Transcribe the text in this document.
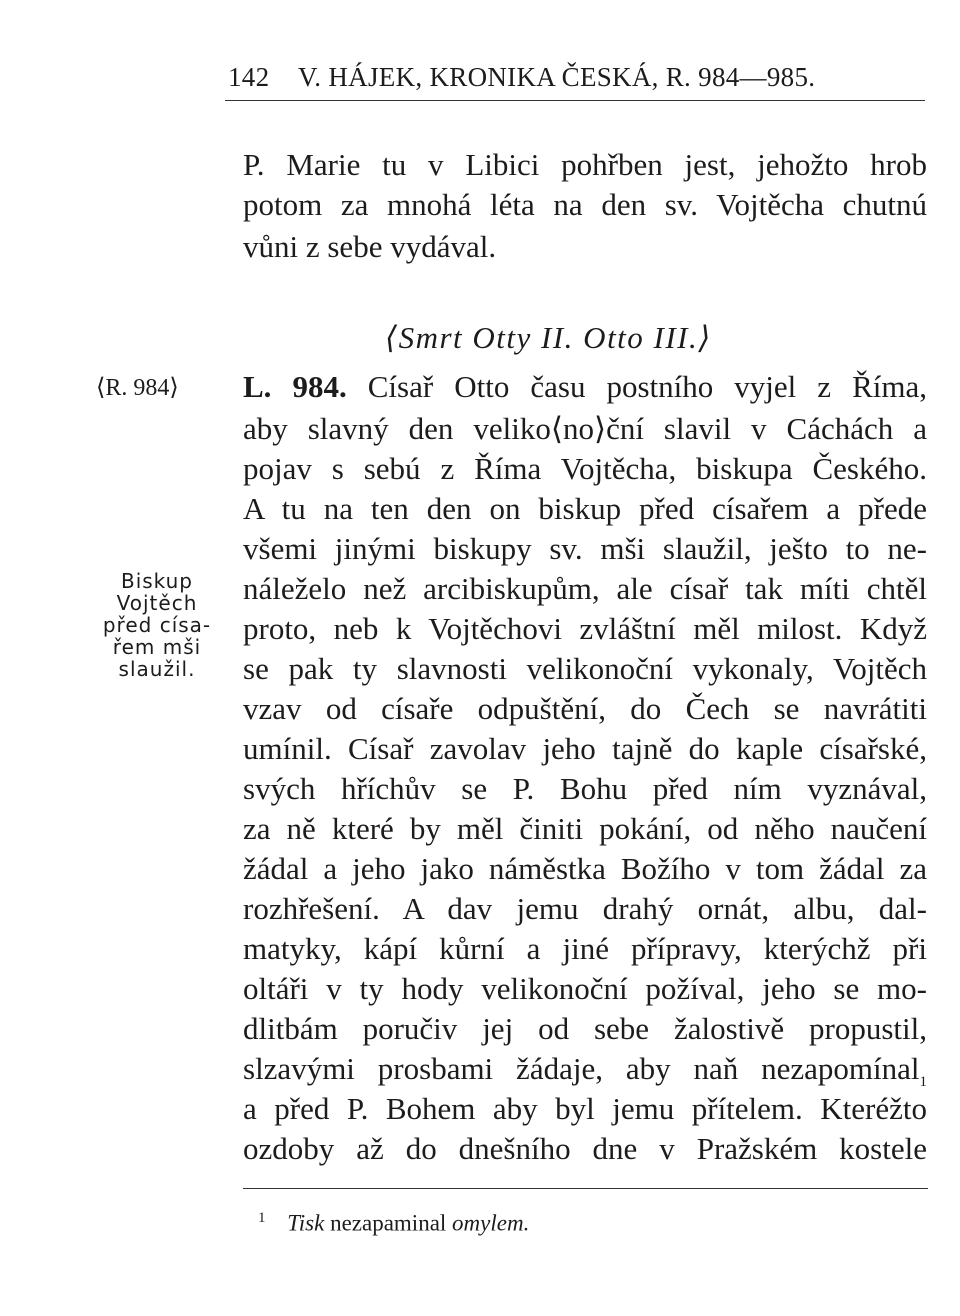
142 V. HÁJEK, KRONIKA ČESKÁ, R. 984—985.
P. Marie tu v Libici pohřben jest, jehožto hrob
potom za mnohá léta na den sv. Vojtěcha chutnú
vůni z sebe vydával.
⟨Smrt Otty II. Otto III.⟩
⟨R. 984⟩ L. 984. Císař Otto času postního vyjel z Říma,
aby slavný den veliko⟨no⟩ční slavil v Cáchách a
pojav s sebú z Říma Vojtěcha, biskupa Českého.
A tu na ten den on biskup před císařem a přede
všemi jinými biskupy sv. mši slaužil, ješto to ne-
náleželo než arcibiskupům, ale císař tak míti chtěl
proto, neb k Vojtěchovi zvláštní měl milost. Když
se pak ty slavnosti velikonoční vykonaly, Vojtěch
vzav od císaře odpuštění, do Čech se navrátiti
umínil. Císař zavolav jeho tajně do kaple císařské,
svých hříchův se P. Bohu před ním vyznával,
za ně které by měl činiti pokání, od něho naučení
žádal a jeho jako náměstka Božího v tom žádal za
rozhřešení. A dav jemu drahý ornát, albu, dal-
matyky, kápí kůrní a jiné přípravy, kterýchž při
oltáři v ty hody velikonoční požíval, jeho se mo-
dlitbám poručiv jej od sebe žalostivě propustil,
slzavými prosbami žádaje, aby naň nezapomínal$_1$
a před P. Bohem aby byl jemu přítelem. Kteréžto
ozdoby až do dnešního dne v Pražském kostele
Biskup
Vojtěch
před císa-
řem mši
slaužil.
$^1$ Tisk nezapaminal omylem.
